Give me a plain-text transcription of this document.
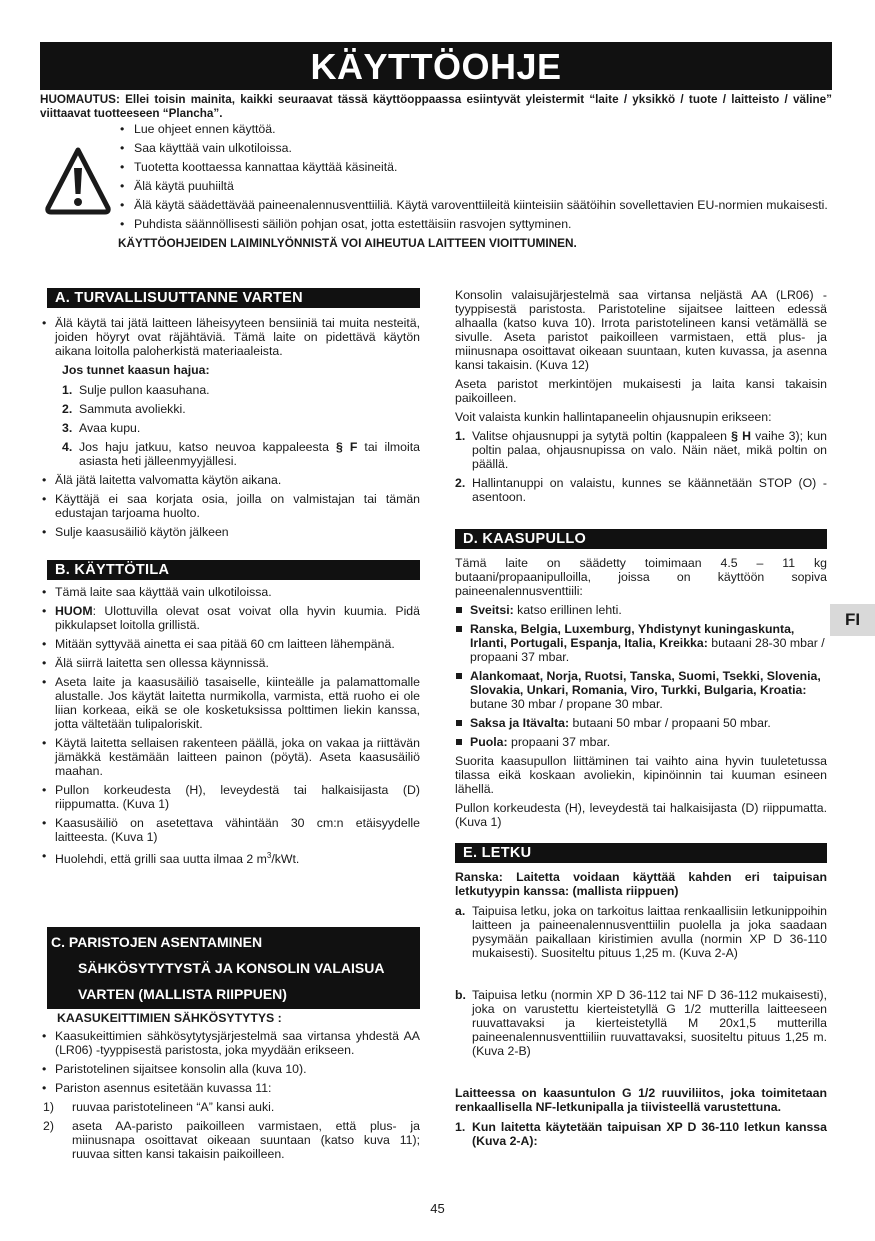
KÄYTTÖOHJE
HUOMAUTUS: Ellei toisin mainita, kaikki seuraavat tässä käyttöoppaassa esiintyvät yleistermit “laite / yksikkö / tuote / laitteisto / väline” viittaavat tuotteeseen “Plancha”.
• Lue ohjeet ennen käyttöä.
• Saa käyttää vain ulkotiloissa.
• Tuotetta koottaessa kannattaa käyttää käsineitä.
• Älä käytä puuhiiltä
• Älä käytä säädettävää paineenalennusventtiiliä. Käytä varoventtiileitä kiinteisiin säätöihin sovellettavien EU-normien mukaisesti.
• Puhdista säännöllisesti säiliön pohjan osat, jotta estettäisiin rasvojen syttyminen.
KÄYTTÖOHJEIDEN LAIMINLYÖNNISTÄ VOI AIHEUTUA LAITTEEN VIOITTUMINEN.
A. TURVALLISUUTTANNE VARTEN
• Älä käytä tai jätä laitteen läheisyyteen bensiiniä tai muita nesteitä, joiden höyryt ovat räjähtäviä. Tämä laite on pidettävä käytön aikana loitolla paloherkistä materiaaleista.
Jos tunnet kaasun hajua:
1. Sulje pullon kaasuhana.
2. Sammuta avoliekki.
3. Avaa kupu.
4. Jos haju jatkuu, katso neuvoa kappaleesta § F tai ilmoita asiasta heti jälleenmyyjällesi.
• Älä jätä laitetta valvomatta käytön aikana.
• Käyttäjä ei saa korjata osia, joilla on valmistajan tai tämän edustajan tarjoama huolto.
• Sulje kaasusäiliö käytön jälkeen
B. KÄYTTÖTILA
• Tämä laite saa käyttää vain ulkotiloissa.
• HUOM: Ulottuvilla olevat osat voivat olla hyvin kuumia. Pidä pikkulapset loitolla grillistä.
• Mitään syttyvää ainetta ei saa pitää 60 cm laitteen lähempänä.
• Älä siirrä laitetta sen ollessa käynnissä.
• Aseta laite ja kaasusäiliö tasaiselle, kiinteälle ja palamattomalle alustalle. Jos käytät laitetta nurmikolla, varmista, että ruoho ei ole liian korkeaa, eikä se ole kosketuksissa polttimen liekin kanssa, jotta vältetään tulipaloriskit.
• Käytä laitetta sellaisen rakenteen päällä, joka on vakaa ja riittävän jämäkkä kestämään laitteen painon (pöytä). Aseta kaasusäiliö maahan.
• Pullon korkeudesta (H), leveydestä tai halkaisijasta (D) riippumatta. (Kuva 1)
• Kaasusäiliö on asetettava vähintään 30 cm:n etäisyydelle laitteesta. (Kuva 1)
• Huolehdi, että grilli saa uutta ilmaa 2 $m^3$/kWt.
C. PARISTOJEN ASENTAMINEN
SÄHKÖSYTYTYSTÄ JA KONSOLIN VALAISUA
VARTEN (MALLISTA RIIPPUEN)
KAASUKEITTIMIEN SÄHKÖSYTYTYS :
• Kaasukeittimien sähkösytytysjärjestelmä saa virtansa yhdestä AA (LR06) -tyyppisestä paristosta, joka myydään erikseen.
• Paristotelinen sijaitsee konsolin alla (kuva 10).
• Pariston asennus esitetään kuvassa 11:
1) ruuvaa paristotelineen “A” kansi auki.
2) aseta AA-paristo paikoilleen varmistaen, että plus- ja miinusnapa osoittavat oikeaan suuntaan (katso kuva 11); ruuvaa sitten kansi takaisin paikoilleen.

Konsolin valaisujärjestelmä saa virtansa neljästä AA (LR06) -tyyppisestä paristosta. Paristoteline sijaitsee laitteen edessä alhaalla (katso kuva 10). Irrota paristotelineen kansi vetämällä se sivulle. Aseta paristot paikoilleen varmistaen, että plus- ja miinusnapa osoittavat oikeaan suuntaan, kuten kuvassa, ja asenna kansi takaisin. (Kuva 12)

Aseta paristot merkintöjen mukaisesti ja laita kansi takaisin paikoilleen.

Voit valaista kunkin hallintapaneelin ohjausnupin erikseen:

1. Valitse ohjausnuppi ja sytytä poltin (kappaleen § H vaihe 3); kun poltin palaa, ohjausnupissa on valo. Näin näet, mikä poltin on päällä.
2. Hallintanuppi on valaistu, kunnes se käännetään STOP (O) -asentoon.
D. KAASUPULLO

Tämä laite on säädetty toimimaan 4.5 – 11 kg butaani/propaanipulloilla, joissa on käyttöön sopiva paineenalennusventtiili:

Sveitsi: katso erillinen lehti.
Ranska, Belgia, Luxemburg, Yhdistynyt kuningaskunta, Irlanti, Portugali, Espanja, Italia, Kreikka: butaani 28-30 mbar / propaani 37 mbar.
Alankomaat, Norja, Ruotsi, Tanska, Suomi, Tsekki, Slovenia, Slovakia, Unkari, Romania, Viro, Turkki, Bulgaria, Kroatia: butane 30 mbar / propane 30 mbar.
Saksa ja Itävalta: butaani 50 mbar / propaani 50 mbar.
Puola: propaani 37 mbar.

Suorita kaasupullon liittäminen tai vaihto aina hyvin tuuletetussa tilassa eikä koskaan avoliekin, kipinöinnin tai kuuman esineen lähellä.

Pullon korkeudesta (H), leveydestä tai halkaisijasta (D) riippumatta. (Kuva 1)

E. LETKU

Ranska: Laitetta voidaan käyttää kahden eri taipuisan letkutyypin kanssa: (mallista riippuen)

a. Taipuisa letku, joka on tarkoitus laittaa renkaallisiin letkunippoihin laitteen ja paineenalennusventtiilin puolella ja joka saadaan pysymään paikallaan kiristimien avulla (normin XP D 36-110 mukaisesti). Suositeltu pituus 1,25 m. (Kuva 2-A)
b. Taipuisa letku (normin XP D 36-112 tai NF D 36-112 mukaisesti), joka on varustettu kierteistetyllä G 1/2 mutterilla laitteeseen ruuvattavaksi ja kierteistetyllä M 20x1,5 mutterilla paineenalennusventtiiliin ruuvattavaksi, suositeltu pituus 1,25 m. (Kuva 2-B)

Laitteessa on kaasuntulon G 1/2 ruuviliitos, joka toimitetaan renkaallisella NF-letkunipalla ja tiivisteellä varustettuna.

1. Kun laitetta käytetään taipuisan XP D 36-110 letkun kanssa (Kuva 2-A):
FI
45
